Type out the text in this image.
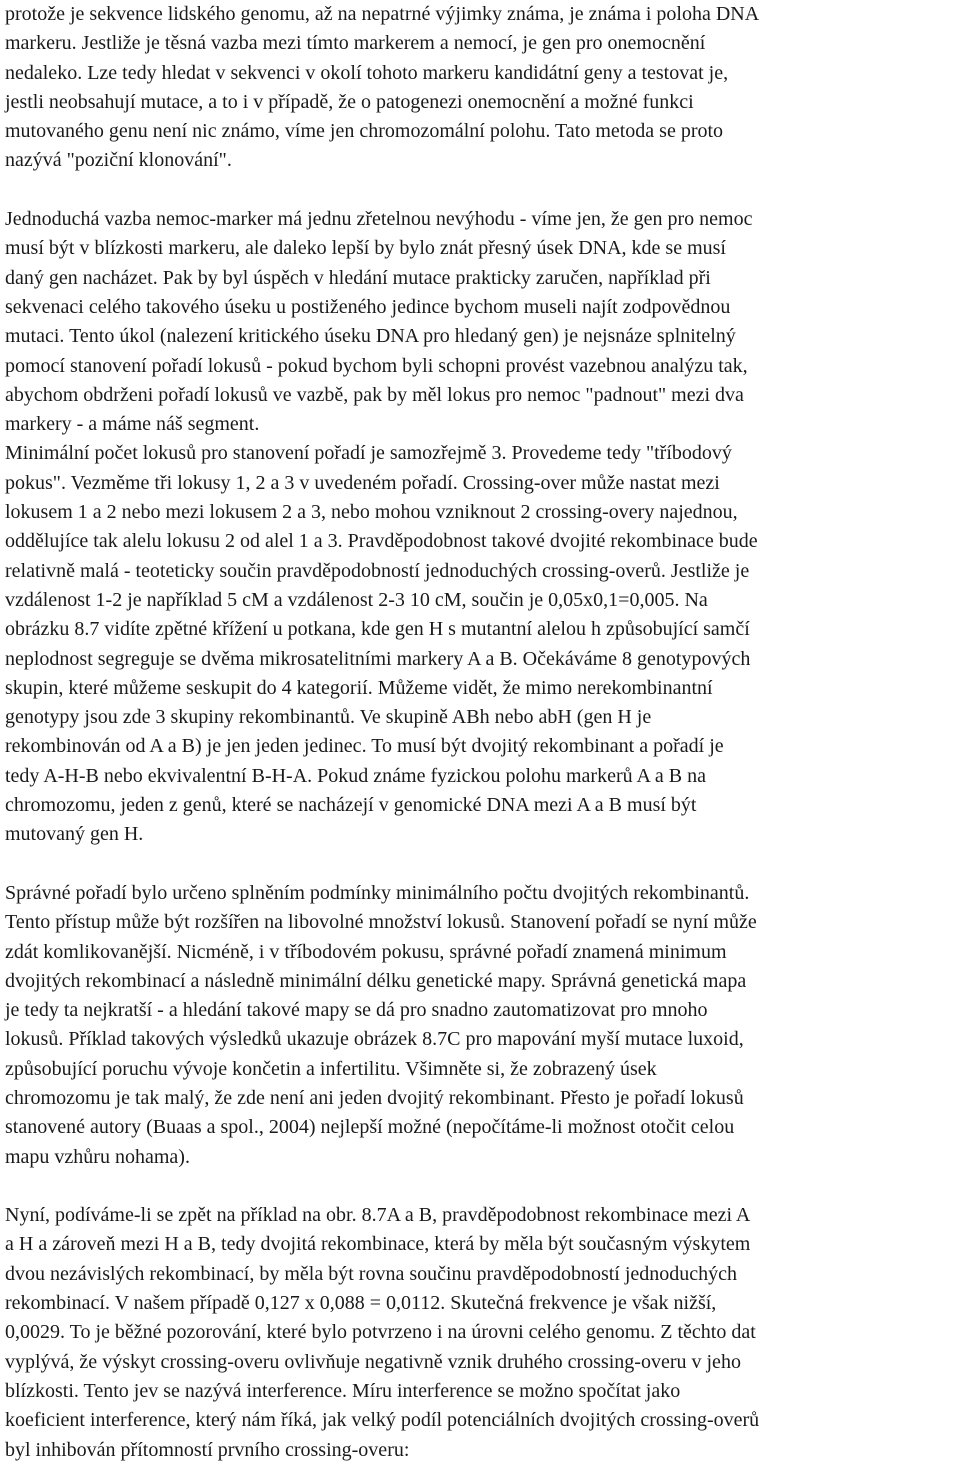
protože je sekvence lidského genomu, až na nepatrné výjimky známa, je známa i poloha DNA
markeru. Jestliže je těsná vazba mezi tímto markerem a nemocí, je gen pro onemocnění
nedaleko. Lze tedy hledat v sekvenci v okolí tohoto markeru kandidátní geny a testovat je,
jestli neobsahují mutace, a to i v případě, že o patogenezi onemocnění a možné funkci
mutovaného genu není nic známo, víme jen chromozomální polohu. Tato metoda se proto
nazývá "poziční klonování".
Jednoduchá vazba nemoc-marker má jednu zřetelnou nevýhodu - víme jen, že gen pro nemoc
musí být v blízkosti markeru, ale daleko lepší by bylo znát přesný úsek DNA, kde se musí
daný gen nacházet. Pak by byl úspěch v hledání mutace prakticky zaručen, například při
sekvenaci celého takového úseku u postiženého jedince bychom museli najít zodpovědnou
mutaci. Tento úkol (nalezení kritického úseku DNA pro hledaný gen) je nejsnáze splnitelný
pomocí stanovení pořadí lokusů - pokud bychom byli schopni provést vazebnou analýzu tak,
abychom obdrženi pořadí lokusů ve vazbě, pak by měl lokus pro nemoc "padnout" mezi dva
markery - a máme náš segment.
Minimální počet lokusů pro stanovení pořadí je samozřejmě 3. Provedeme tedy "tříbodový
pokus". Vezměme tři lokusy 1, 2 a 3 v uvedeném pořadí. Crossing-over může nastat mezi
lokusem 1 a 2 nebo mezi lokusem 2 a 3, nebo mohou vzniknout 2 crossing-overy najednou,
oddělujíce tak alelu lokusu 2 od alel 1 a 3. Pravděpodobnost takové dvojité rekombinace bude
relativně malá - teoteticky součin pravděpodobností jednoduchých crossing-overů. Jestliže je
vzdálenost 1-2 je například 5 cM a vzdálenost 2-3 10 cM, součin je 0,05x0,1=0,005. Na
obrázku 8.7 vidíte zpětné křížení u potkana, kde gen H s mutantní alelou h způsobující samčí
neplodnost segreguje se dvěma mikrosatelitními markery A a B. Očekáváme 8 genotypových
skupin, které můžeme seskupit do 4 kategorií. Můžeme vidět, že mimo nerekombinantní
genotypy jsou zde 3 skupiny rekombinantů. Ve skupině ABh nebo abH (gen H je
rekombinován od A a B) je jen jeden jedinec. To musí být dvojitý rekombinant a pořadí je
tedy A-H-B nebo ekvivalentní B-H-A. Pokud známe fyzickou polohu markerů A a B na
chromozomu, jeden z genů, které se nacházejí v genomické DNA mezi A a B musí být
mutovaný gen H.
Správné pořadí bylo určeno splněním podmínky minimálního počtu dvojitých rekombinantů.
Tento přístup může být rozšířen na libovolné množství lokusů. Stanovení pořadí se nyní může
zdát komlikovanější. Nicméně, i v tříbodovém pokusu, správné pořadí znamená minimum
dvojitých rekombinací a následně minimální délku genetické mapy. Správná genetická mapa
je tedy ta nejkratší - a hledání takové mapy se dá pro snadno zautomatizovat pro mnoho
lokusů. Příklad takových výsledků ukazuje obrázek 8.7C pro mapování myší mutace luxoid,
způsobující poruchu vývoje končetin a infertilitu. Všimněte si, že zobrazený úsek
chromozomu je tak malý, že zde není ani jeden dvojitý rekombinant. Přesto je pořadí lokusů
stanovené autory (Buaas a spol., 2004) nejlepší možné (nepočítáme-li možnost otočit celou
mapu vzhůru nohama).
Nyní, podíváme-li se zpět na příklad na obr. 8.7A a B, pravděpodobnost rekombinace mezi A
a H a zároveň mezi H a B, tedy dvojitá rekombinace, která by měla být současným výskytem
dvou nezávislých rekombinací, by měla být rovna součinu pravděpodobností jednoduchých
rekombinací. V našem případě 0,127 x 0,088 = 0,0112. Skutečná frekvence je však nižší,
0,0029. To je běžné pozorování, které bylo potvrzeno i na úrovni celého genomu. Z těchto dat
vyplývá, že výskyt crossing-overu ovlivňuje negativně vznik druhého crossing-overu v jeho
blízkosti. Tento jev se nazývá interference. Míru interference se možno spočítat jako
koeficient interference, který nám říká, jak velký podíl potenciálních dvojitých crossing-overů
byl inhibován přítomností prvního crossing-overu:
